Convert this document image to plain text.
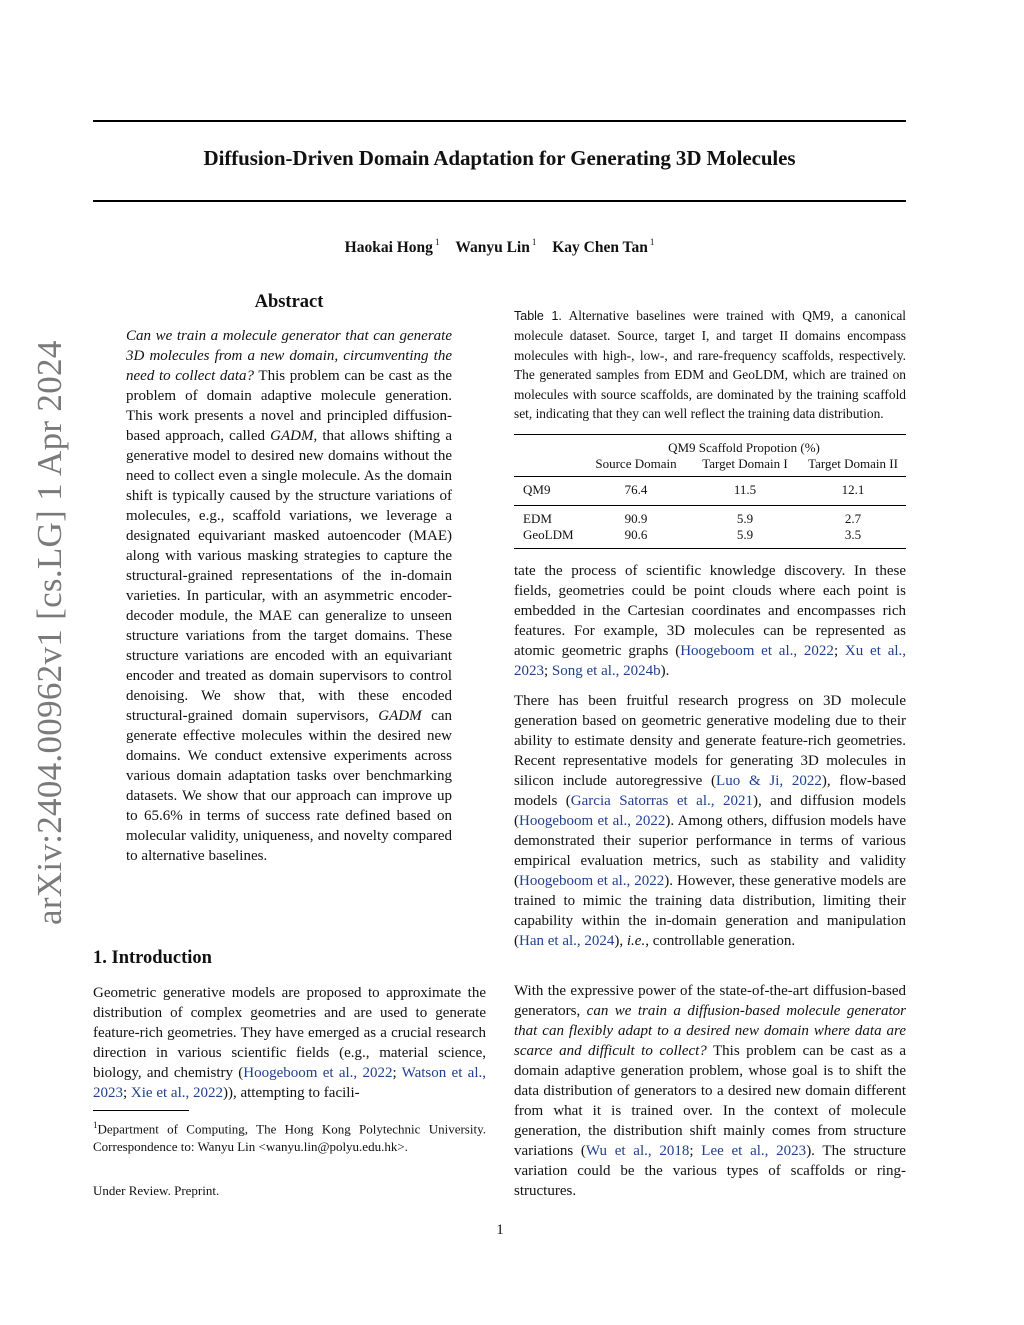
Diffusion-Driven Domain Adaptation for Generating 3D Molecules
Haokai Hong $^1$ Wanyu Lin $^1$ Kay Chen Tan $^1$
arXiv:2404.00962v1 [cs.LG] 1 Apr 2024
Abstract
Can we train a molecule generator that can generate 3D molecules from a new domain, circumventing the need to collect data? This problem can be cast as the problem of domain adaptive molecule generation. This work presents a novel and principled diffusion-based approach, called GADM, that allows shifting a generative model to desired new domains without the need to collect even a single molecule. As the domain shift is typically caused by the structure variations of molecules, e.g., scaffold variations, we leverage a designated equivariant masked autoencoder (MAE) along with various masking strategies to capture the structural-grained representations of the in-domain varieties. In particular, with an asymmetric encoder-decoder module, the MAE can generalize to unseen structure variations from the target domains. These structure variations are encoded with an equivariant encoder and treated as domain supervisors to control denoising. We show that, with these encoded structural-grained domain supervisors, GADM can generate effective molecules within the desired new domains. We conduct extensive experiments across various domain adaptation tasks over benchmarking datasets. We show that our approach can improve up to 65.6% in terms of success rate defined based on molecular validity, uniqueness, and novelty compared to alternative baselines.
1. Introduction
Geometric generative models are proposed to approximate the distribution of complex geometries and are used to generate feature-rich geometries. They have emerged as a crucial research direction in various scientific fields (e.g., material science, biology, and chemistry (Hoogeboom et al., 2022; Watson et al., 2023; Xie et al., 2022)), attempting to facili-
$^1$Department of Computing, The Hong Kong Polytechnic University. Correspondence to: Wanyu Lin <wanyu.lin@polyu.edu.hk>.
Under Review. Preprint.
Table 1. Alternative baselines were trained with QM9, a canonical molecule dataset. Source, target I, and target II domains encompass molecules with high-, low-, and rare-frequency scaffolds, respectively. The generated samples from EDM and GeoLDM, which are trained on molecules with source scaffolds, are dominated by the training scaffold set, indicating that they can well reflect the training data distribution.
	QM9 Scaffold Propotion (%)		
	Source Domain	Target Domain I	Target Domain II

QM9	76.4	11.5	12.1
EDM	90.9	5.9	2.7
GeoLDM	90.6	5.9	3.5
tate the process of scientific knowledge discovery. In these fields, geometries could be point clouds where each point is embedded in the Cartesian coordinates and encompasses rich features. For example, 3D molecules can be represented as atomic geometric graphs (Hoogeboom et al., 2022; Xu et al., 2023; Song et al., 2024b).
There has been fruitful research progress on 3D molecule generation based on geometric generative modeling due to their ability to estimate density and generate feature-rich geometries. Recent representative models for generating 3D molecules in silicon include autoregressive (Luo & Ji, 2022), flow-based models (Garcia Satorras et al., 2021), and diffusion models (Hoogeboom et al., 2022). Among others, diffusion models have demonstrated their superior performance in terms of various empirical evaluation metrics, such as stability and validity (Hoogeboom et al., 2022). However, these generative models are trained to mimic the training data distribution, limiting their capability within the in-domain generation and manipulation (Han et al., 2024), i.e., controllable generation.
With the expressive power of the state-of-the-art diffusion-based generators, can we train a diffusion-based molecule generator that can flexibly adapt to a desired new domain where data are scarce and difficult to collect? This problem can be cast as a domain adaptive generation problem, whose goal is to shift the data distribution of generators to a desired new domain different from what it is trained over. In the context of molecule generation, the distribution shift mainly comes from structure variations (Wu et al., 2018; Lee et al., 2023). The structure variation could be the various types of scaffolds or ring-structures.
1
